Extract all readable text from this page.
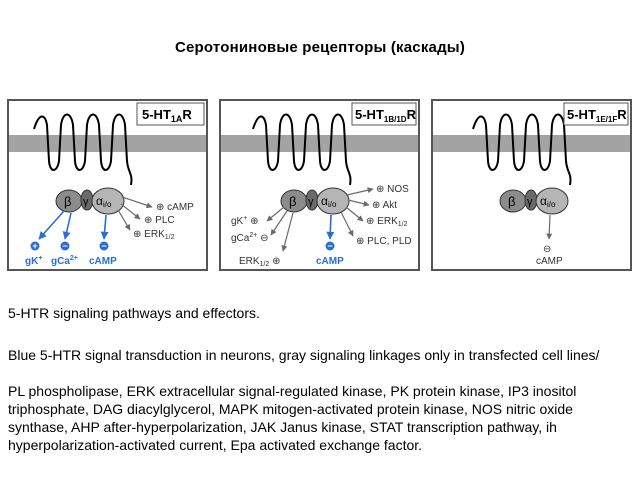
Серотониновые рецепторы (каскады)
$5-HT_{1A}R$
β γ αi/o	⊕ cAMP
⊕ PLC
⊕ $ERK_{1/2}$
+	−	−
gK+ gCa$^{2+}$ cAMP
$5-HT_{1B/1D}R$
β γ αi/o
⊕ NOS
⊕ Akt
⊕ $ERK_{1/2}$
⊕ PLC, PLD
gK+ ⊕
gCa$^{2+}$ ⊖
$ERK_{1/2}$ ⊕
−
cAMP
$5-HT_{1E/1F}R$
β γ αi/o
⊖
cAMP
5-HTR signaling pathways and effectors.
Blue 5-HTR signal transduction in neurons, gray signaling linkages only in transfected cell lines/
PL phospholipase, ERK extracellular signal-regulated kinase, PK protein kinase, IP3 inositol triphosphate, DAG diacylglycerol, MAPK mitogen-activated protein kinase, NOS nitric oxide synthase, AHP after-hyperpolarization, JAK Janus kinase, STAT transcription pathway, ih hyperpolarization-activated current, Epa activated exchange factor.
